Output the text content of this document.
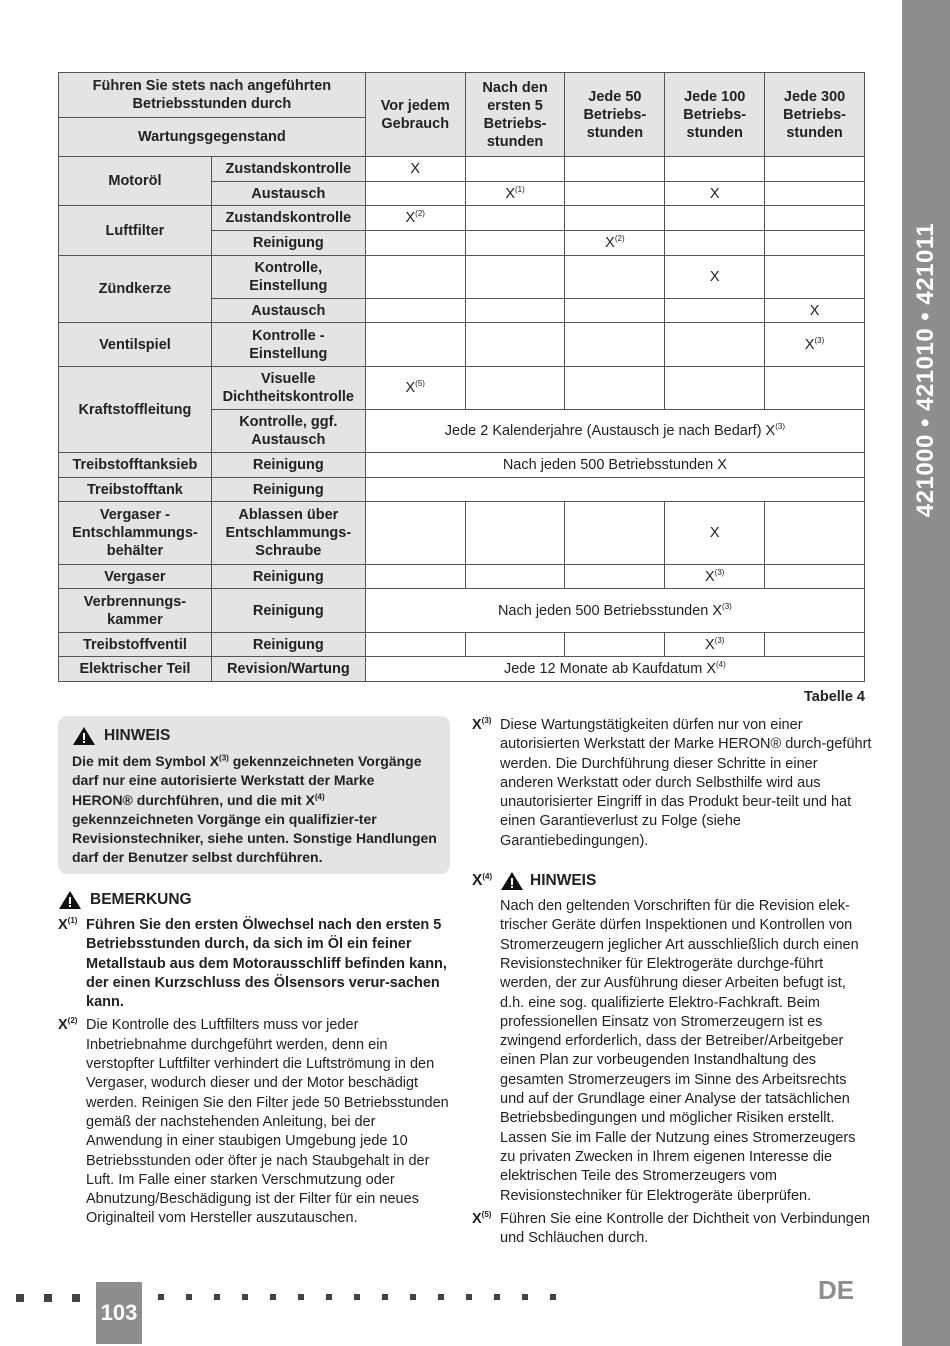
421000 • 421010 • 421011
Führen Sie stets nach angeführten Betriebsstunden durch		Vor jedem Gebrauch	Nach den ersten 5 Betriebs-stunden	Jede 50 Betriebs-stunden	Jede 100 Betriebs-stunden	Jede 300 Betriebs-stunden
Wartungsgegenstand						
Motoröl	Zustandskontrolle	X				
	Austausch		$X^{(1)}$		X	
Luftfilter	Zustandskontrolle	$X^{(2)}$				
	Reinigung			$X^{(2)}$		
Zündkerze	Kontrolle, Einstellung				X	
	Austausch					X
Ventilspiel	Kontrolle - Einstellung					$X^{(3)}$
Kraftstoffleitung	Visuelle Dichtheitskontrolle	$X^{(5)}$				
	Kontrolle, ggf. Austausch	Jede 2 Kalenderjahre (Austausch je nach Bedarf) $X^{(3)}$
Treibstofftanksieb	Reinigung	Nach jeden 500 Betriebsstunden X				
Treibstofftank	Reinigung					
Vergaser - Entschlammungs-behälter	Ablassen über Entschlammungs-Schraube				X	
Vergaser	Reinigung				$X^{(3)}$	
Verbrennungs-kammer	Reinigung	Nach jeden 500 Betriebsstunden $X^{(3)}$
Treibstoffventil	Reinigung				$X^{(3)}$	
Elektrischer Teil	Revision/Wartung	Jede 12 Monate ab Kaufdatum $X^{(4)}$
Tabelle 4
HINWEIS
Die mit dem Symbol $X^{(3)}$ gekennzeichneten Vorgänge darf nur eine autorisierte Werkstatt der Marke HERON® durchführen, und die mit $X^{(4)}$ gekennzeichneten Vorgänge ein qualifizier-ter Revisionstechniker, siehe unten. Sonstige Handlungen darf der Benutzer selbst durchführen.
BEMERKUNG
$X^{(1)}$ Führen Sie den ersten Ölwechsel nach den ersten 5 Betriebsstunden durch, da sich im Öl ein feiner Metallstaub aus dem Motorausschliff befinden kann, der einen Kurzschluss des Ölsensors verur-sachen kann.
$X^{(2)}$ Die Kontrolle des Luftfilters muss vor jeder Inbetriebnahme durchgeführt werden, denn ein verstopfter Luftfilter verhindert die Luftströmung in den Vergaser, wodurch dieser und der Motor beschädigt werden. Reinigen Sie den Filter jede 50 Betriebsstunden gemäß der nachstehenden Anleitung, bei der Anwendung in einer staubigen Umgebung jede 10 Betriebsstunden oder öfter je nach Staubgehalt in der Luft. Im Falle einer starken Verschmutzung oder Abnutzung/Beschädigung ist der Filter für ein neues Originalteil vom Hersteller auszutauschen.
$X^{(3)}$ Diese Wartungstätigkeiten dürfen nur von einer autorisierten Werkstatt der Marke HERON® durch-geführt werden. Die Durchführung dieser Schritte in einer anderen Werkstatt oder durch Selbsthilfe wird aus unautorisierter Eingriff in das Produkt beur-teilt und hat einen Garantieverlust zu Folge (siehe Garantiebedingungen).
$X^{(4)}$ HINWEIS
Nach den geltenden Vorschriften für die Revision elek-trischer Geräte dürfen Inspektionen und Kontrollen von Stromerzeugern jeglicher Art ausschließlich durch einen Revisionstechniker für Elektrogeräte durchge-führt werden, der zur Ausführung dieser Arbeiten befugt ist, d.h. eine sog. qualifizierte Elektro-Fachkraft. Beim professionellen Einsatz von Stromerzeugern ist es zwingend erforderlich, dass der Betreiber/Arbeitgeber einen Plan zur vorbeugenden Instandhaltung des gesamten Stromerzeugers im Sinne des Arbeitsrechts und auf der Grundlage einer Analyse der tatsächlichen Betriebsbedingungen und möglicher Risiken erstellt. Lassen Sie im Falle der Nutzung eines Stromerzeugers zu privaten Zwecken in Ihrem eigenen Interesse die elektrischen Teile des Stromerzeugers vom Revisionstechniker für Elektrogeräte überprüfen.
$X^{(5)}$ Führen Sie eine Kontrolle der Dichtheit von Verbindungen und Schläuchen durch.
103
DE
